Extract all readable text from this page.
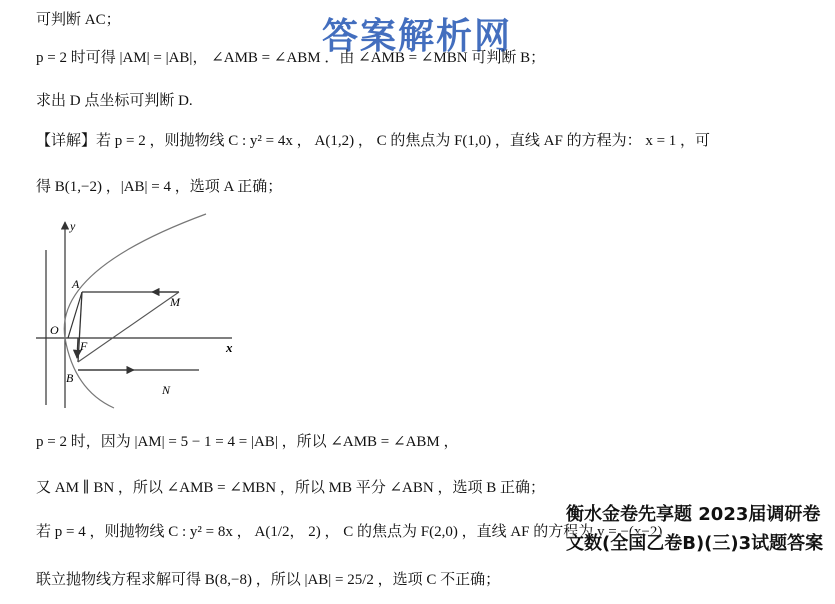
答案解析网
可判断 AC；
p = 2 时可得 |AM| = |AB|， ∠AMB = ∠ABM ．由 ∠AMB = ∠MBN 可判断 B；
求出 D 点坐标可判断 D.
【详解】若 p = 2 ，则抛物线 C : y² = 4x ， A(1,2) ， C 的焦点为 F(1,0) ，直线 AF 的方程为： x = 1 ，可
得 B(1,−2) ，|AB| = 4 ，选项 A 正确；
p = 2 时，因为 |AM| = 5 − 1 = 4 = |AB| ，所以 ∠AMB = ∠ABM ，
又 AM ∥ BN ，所以 ∠AMB = ∠MBN ，所以 MB 平分 ∠ABN ，选项 B 正确；
若 p = 4 ，则抛物线 C : y² = 8x ， A(1/2， 2) ， C 的焦点为 F(2,0) ，直线 AF 的方程为 y = −(x−2)
联立抛物线方程求解可得 B(8,−8) ，所以 |AB| = 25/2 ，选项 C 不正确；
y
x
O
A
F
B
M
N
衡水金卷先享题 2023届调研卷 文数(全国乙卷B)(三)3试题答案
